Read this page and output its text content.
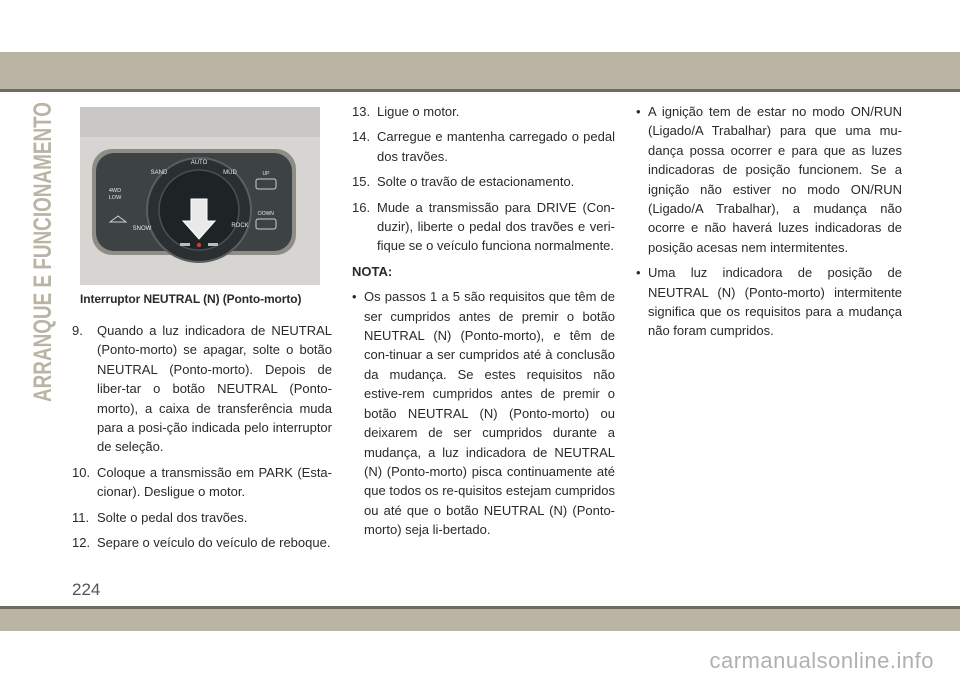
ARRANQUE E FUNCIONAMENTO	AUTO
SAND	MUD
4WD
LOW
SNOW	ROCK
UP
DOWN
Interruptor NEUTRAL (N) (Ponto-morto)
9. Quando a luz indicadora de NEUTRAL (Ponto-morto) se apagar, solte o botão NEUTRAL (Ponto-morto). Depois de liber-tar o botão NEUTRAL (Ponto-morto), a caixa de transferência muda para a posi-ção indicada pelo interruptor de seleção.
10. Coloque a transmissão em PARK (Esta-cionar). Desligue o motor.
11. Solte o pedal dos travões.
12. Separe o veículo do veículo de reboque.
13. Ligue o motor.
14. Carregue e mantenha carregado o pedal dos travões.
15. Solte o travão de estacionamento.
16. Mude a transmissão para DRIVE (Con-duzir), liberte o pedal dos travões e veri-fique se o veículo funciona normalmente.
NOTA:
• Os passos 1 a 5 são requisitos que têm de ser cumpridos antes de premir o botão NEUTRAL (N) (Ponto-morto), e têm de con-tinuar a ser cumpridos até à conclusão da mudança. Se estes requisitos não estive-rem cumpridos antes de premir o botão NEUTRAL (N) (Ponto-morto) ou deixarem de ser cumpridos durante a mudança, a luz indicadora de NEUTRAL (N) (Ponto-morto) pisca continuamente até que todos os re-quisitos estejam cumpridos ou até que o botão NEUTRAL (N) (Ponto-morto) seja li-bertado.
• A ignição tem de estar no modo ON/RUN (Ligado/A Trabalhar) para que uma mu-dança possa ocorrer e para que as luzes indicadoras de posição funcionem. Se a ignição não estiver no modo ON/RUN (Ligado/A Trabalhar), a mudança não ocorre e não haverá luzes indicadoras de posição acesas nem intermitentes.
• Uma luz indicadora de posição de NEUTRAL (N) (Ponto-morto) intermitente significa que os requisitos para a mudança não foram cumpridos.
224
carmanualsonline.info
